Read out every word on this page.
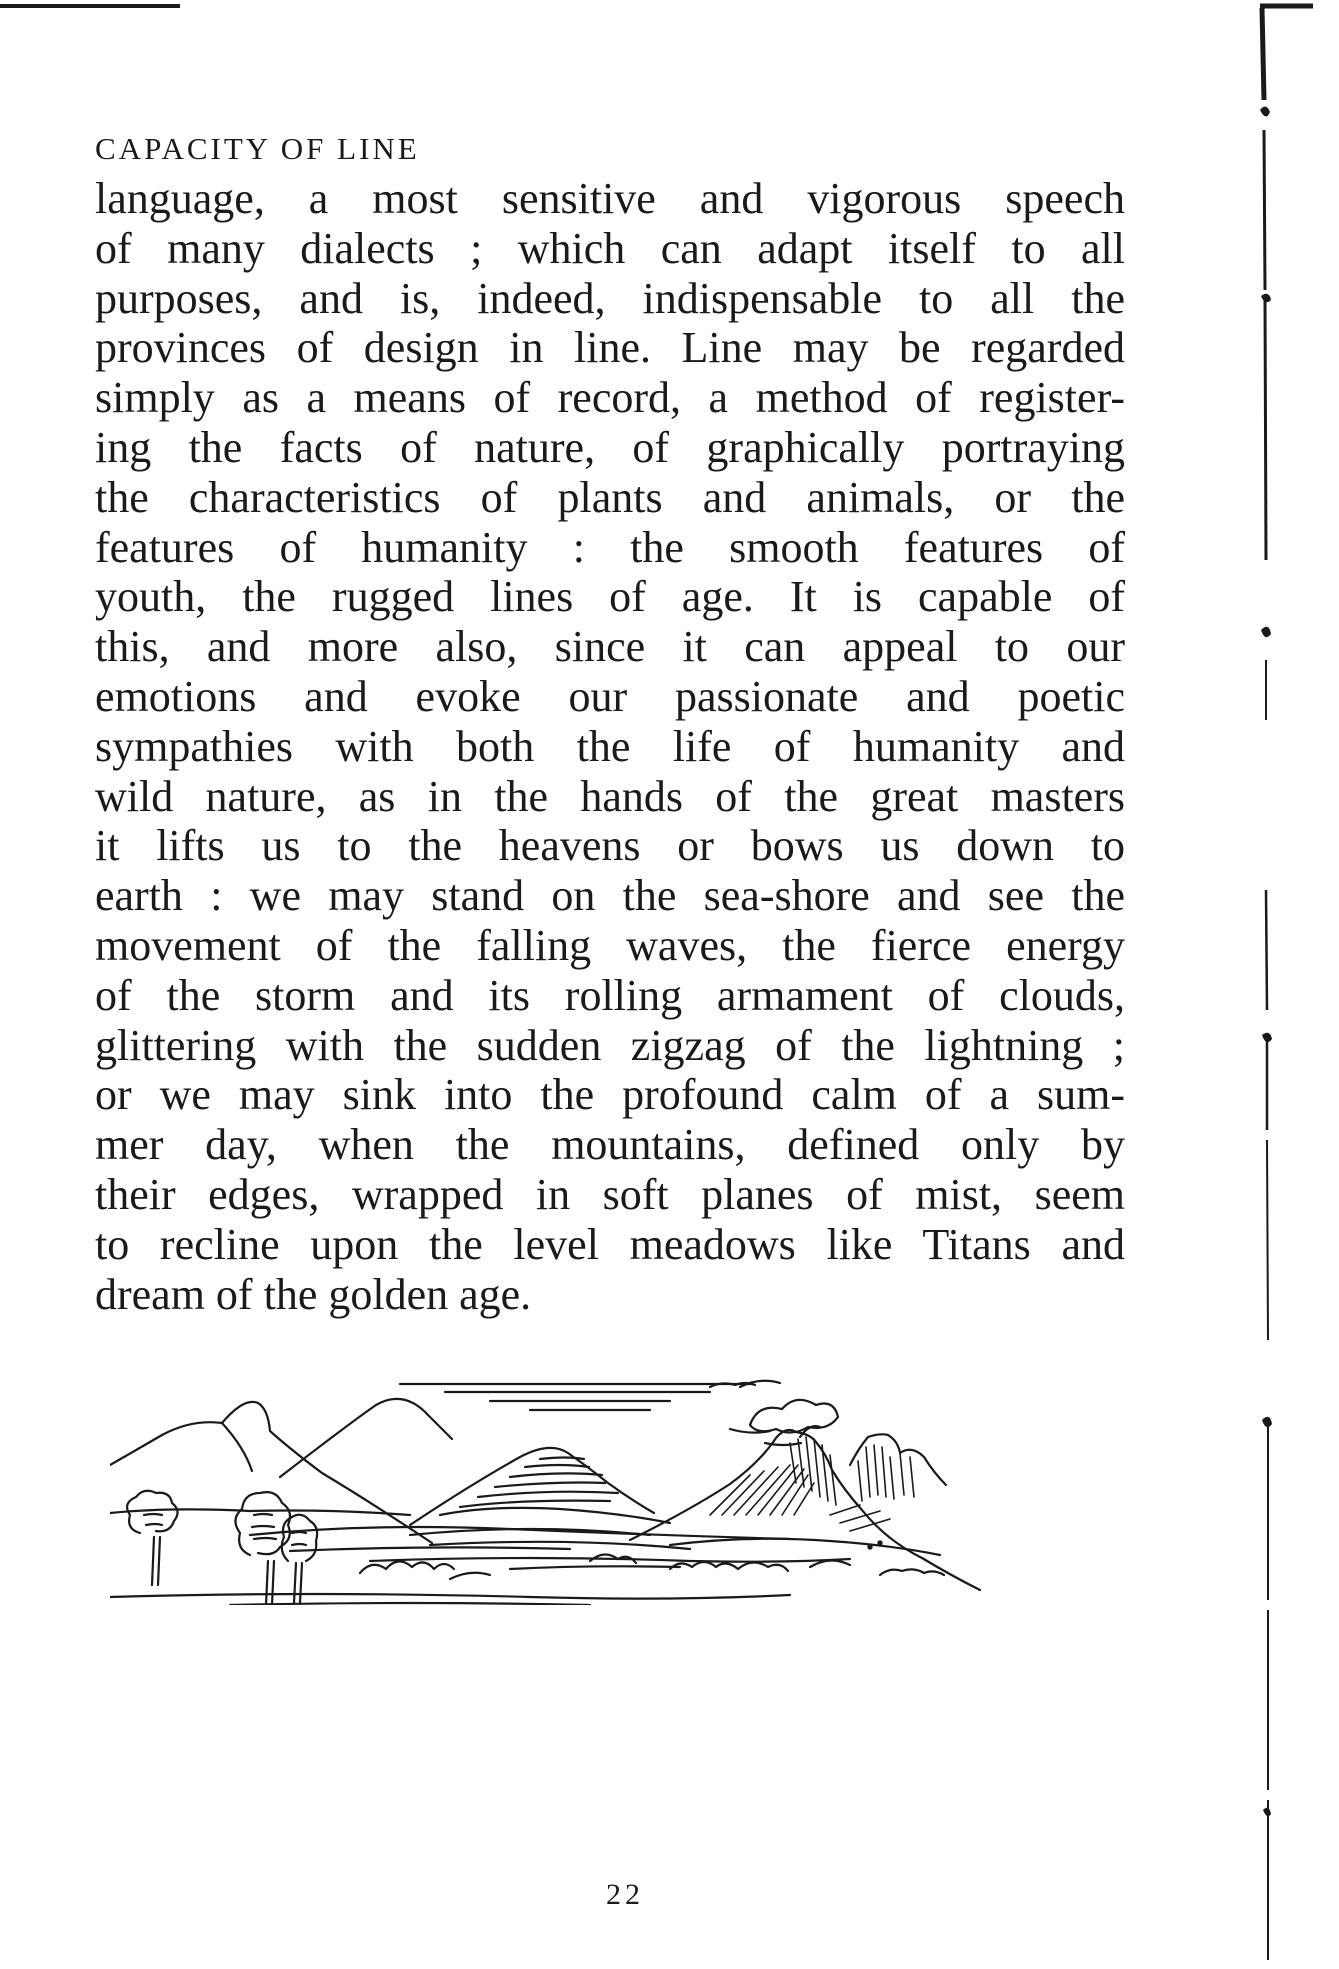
CAPACITY OF LINE
language, a most sensitive and vigorous speech
of many dialects ; which can adapt itself to all
purposes, and is, indeed, indispensable to all the
provinces of design in line. Line may be regarded
simply as a means of record, a method of register-
ing the facts of nature, of graphically portraying
the characteristics of plants and animals, or the
features of humanity : the smooth features of
youth, the rugged lines of age. It is capable of
this, and more also, since it can appeal to our
emotions and evoke our passionate and poetic
sympathies with both the life of humanity and
wild nature, as in the hands of the great masters
it lifts us to the heavens or bows us down to
earth : we may stand on the sea-shore and see the
movement of the falling waves, the fierce energy
of the storm and its rolling armament of clouds,
glittering with the sudden zigzag of the lightning ;
or we may sink into the profound calm of a sum-
mer day, when the mountains, defined only by
their edges, wrapped in soft planes of mist, seem
to recline upon the level meadows like Titans and
dream of the golden age.
22
